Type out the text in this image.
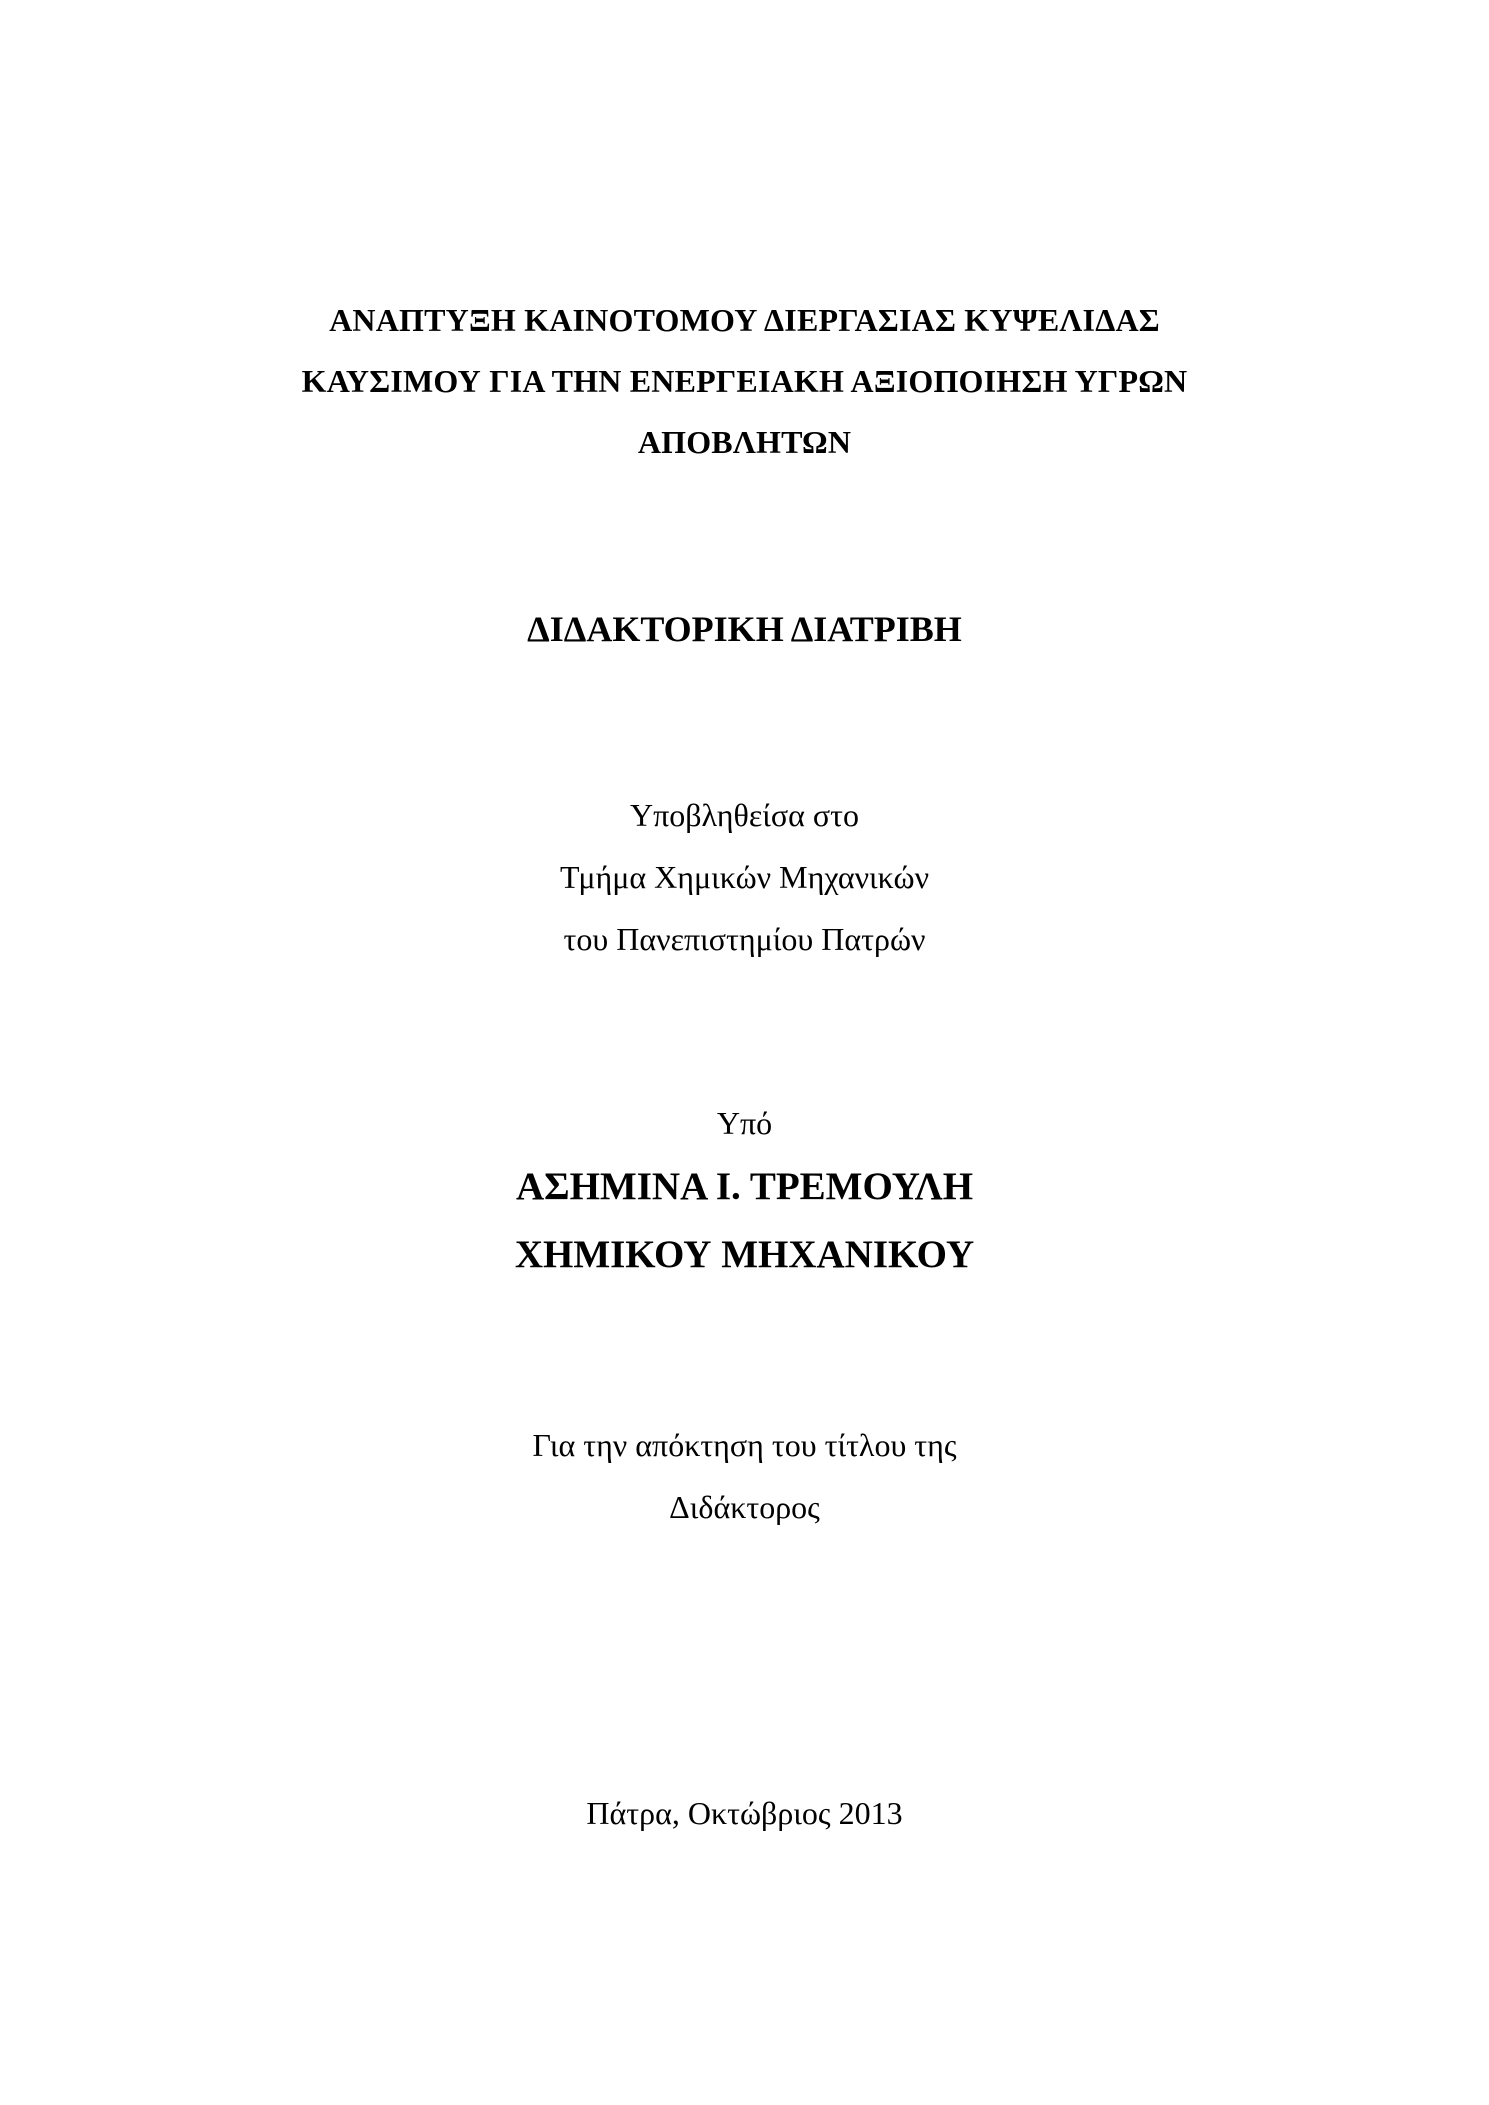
ΑΝΑΠΤΥΞΗ ΚΑΙΝΟΤΟΜΟΥ ΔΙΕΡΓΑΣΙΑΣ ΚΥΨΕΛΙΔΑΣ
ΚΑΥΣΙΜΟΥ ΓΙΑ ΤΗΝ ΕΝΕΡΓΕΙΑΚΗ ΑΞΙΟΠΟΙΗΣΗ ΥΓΡΩΝ
ΑΠΟΒΛΗΤΩΝ
ΔΙΔΑΚΤΟΡΙΚΗ ΔΙΑΤΡΙΒΗ
Υποβληθείσα στο
Τμήμα Χημικών Μηχανικών
του Πανεπιστημίου Πατρών
Υπό
ΑΣΗΜΙΝΑ Ι. ΤΡΕΜΟΥΛΗ
ΧΗΜΙΚΟΥ ΜΗΧΑΝΙΚΟΥ
Για την απόκτηση του τίτλου της
Διδάκτορος
Πάτρα, Οκτώβριος 2013
